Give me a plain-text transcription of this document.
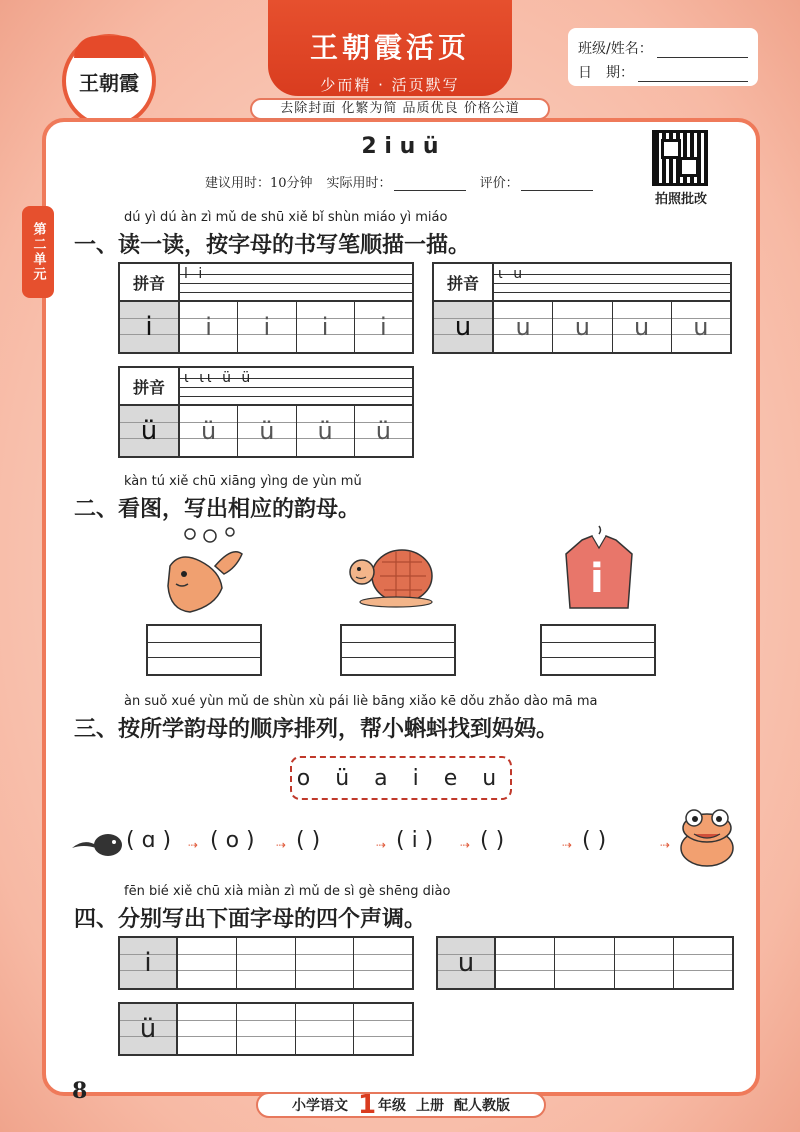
王朝霞
王朝霞活页
少而精 · 活页默写
班级/姓名：
日　期：
去除封面 化繁为简 品质优良 价格公道
第二单元
2 i u ü
建议用时：10分钟 实际用时：	评价：
拍照批改
dú yì dú àn zì mǔ de shū xiě bǐ shùn miáo yì miáo
一、读一读，按字母的书写笔顺描一描。
拼音	l i
i	i	i	i	i
拼音	ι u
u	u	u	u	u
拼音	ι ιι ü ü
ü	ü	ü	ü	ü
kàn tú xiě chū xiāng yìng de yùn mǔ
二、看图，写出相应的韵母。
i
àn suǒ xué yùn mǔ de shùn xù pái liè bāng xiǎo kē dǒu zhǎo dào mā ma
三、按所学韵母的顺序排列，帮小蝌蚪找到妈妈。
o ü a i e u
( ɑ ) ⇢ ( o ) ⇢ ( )	⇢ ( i ) ⇢ ( )	⇢ ( )	⇢
fēn bié xiě chū xià miàn zì mǔ de sì gè shēng diào
四、分别写出下面字母的四个声调。
i	u
ü
8
小学语文 1 年级 上册 配人教版
